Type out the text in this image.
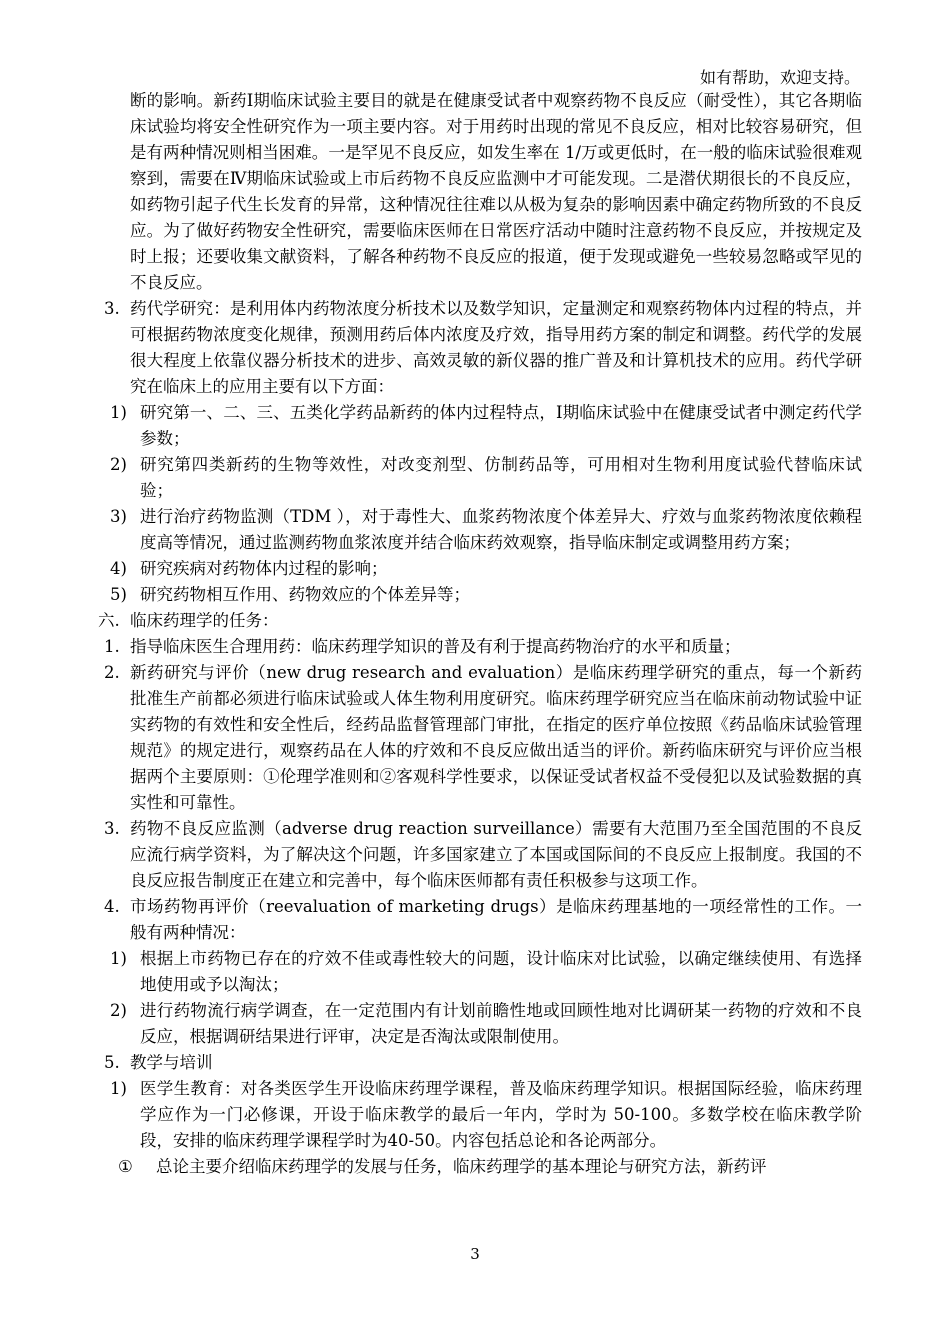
如有帮助，欢迎支持。

断的影响。新药Ⅰ期临床试验主要目的就是在健康受试者中观察药物不良反应（耐受性），其它各期临床试验均将安全性研究作为一项主要内容。对于用药时出现的常见不良反应，相对比较容易研究，但是有两种情况则相当困难。一是罕见不良反应，如发生率在 1/万或更低时，在一般的临床试验很难观察到，需要在Ⅳ期临床试验或上市后药物不良反应监测中才可能发现。二是潜伏期很长的不良反应，如药物引起子代生长发育的异常，这种情况往往难以从极为复杂的影响因素中确定药物所致的不良反应。为了做好药物安全性研究，需要临床医师在日常医疗活动中随时注意药物不良反应，并按规定及时上报；还要收集文献资料，了解各种药物不良反应的报道，便于发现或避免一些较易忽略或罕见的不良反应。

3. 药代学研究：是利用体内药物浓度分析技术以及数学知识，定量测定和观察药物体内过程的特点，并可根据药物浓度变化规律，预测用药后体内浓度及疗效，指导用药方案的制定和调整。药代学的发展很大程度上依靠仪器分析技术的进步、高效灵敏的新仪器的推广普及和计算机技术的应用。药代学研究在临床上的应用主要有以下方面：
1) 研究第一、二、三、五类化学药品新药的体内过程特点，Ⅰ期临床试验中在健康受试者中测定药代学参数；
2) 研究第四类新药的生物等效性，对改变剂型、仿制药品等，可用相对生物利用度试验代替临床试验；
3) 进行治疗药物监测（TDM ），对于毒性大、血浆药物浓度个体差异大、疗效与血浆药物浓度依赖程度高等情况，通过监测药物血浆浓度并结合临床药效观察，指导临床制定或调整用药方案；
4) 研究疾病对药物体内过程的影响；
5) 研究药物相互作用、药物效应的个体差异等；
六. 临床药理学的任务：
1. 指导临床医生合理用药：临床药理学知识的普及有利于提高药物治疗的水平和质量；
2. 新药研究与评价（new drug research and evaluation）是临床药理学研究的重点，每一个新药批准生产前都必须进行临床试验或人体生物利用度研究。临床药理学研究应当在临床前动物试验中证实药物的有效性和安全性后，经药品监督管理部门审批，在指定的医疗单位按照《药品临床试验管理规范》的规定进行，观察药品在人体的疗效和不良反应做出适当的评价。新药临床研究与评价应当根据两个主要原则：①伦理学准则和②客观科学性要求，以保证受试者权益不受侵犯以及试验数据的真实性和可靠性。
3. 药物不良反应监测（adverse drug reaction surveillance）需要有大范围乃至全国范围的不良反应流行病学资料，为了解决这个问题，许多国家建立了本国或国际间的不良反应上报制度。我国的不良反应报告制度正在建立和完善中，每个临床医师都有责任积极参与这项工作。
4. 市场药物再评价（reevaluation of marketing drugs）是临床药理基地的一项经常性的工作。一般有两种情况：
1) 根据上市药物已存在的疗效不佳或毒性较大的问题，设计临床对比试验，以确定继续使用、有选择地使用或予以淘汰；
2) 进行药物流行病学调查，在一定范围内有计划前瞻性地或回顾性地对比调研某一药物的疗效和不良反应，根据调研结果进行评审，决定是否淘汰或限制使用。
5. 教学与培训
1) 医学生教育：对各类医学生开设临床药理学课程，普及临床药理学知识。根据国际经验，临床药理学应作为一门必修课，开设于临床教学的最后一年内，学时为 50-100。多数学校在临床教学阶段，安排的临床药理学课程学时为40-50。内容包括总论和各论两部分。
①	总论主要介绍临床药理学的发展与任务，临床药理学的基本理论与研究方法，新药评
3
